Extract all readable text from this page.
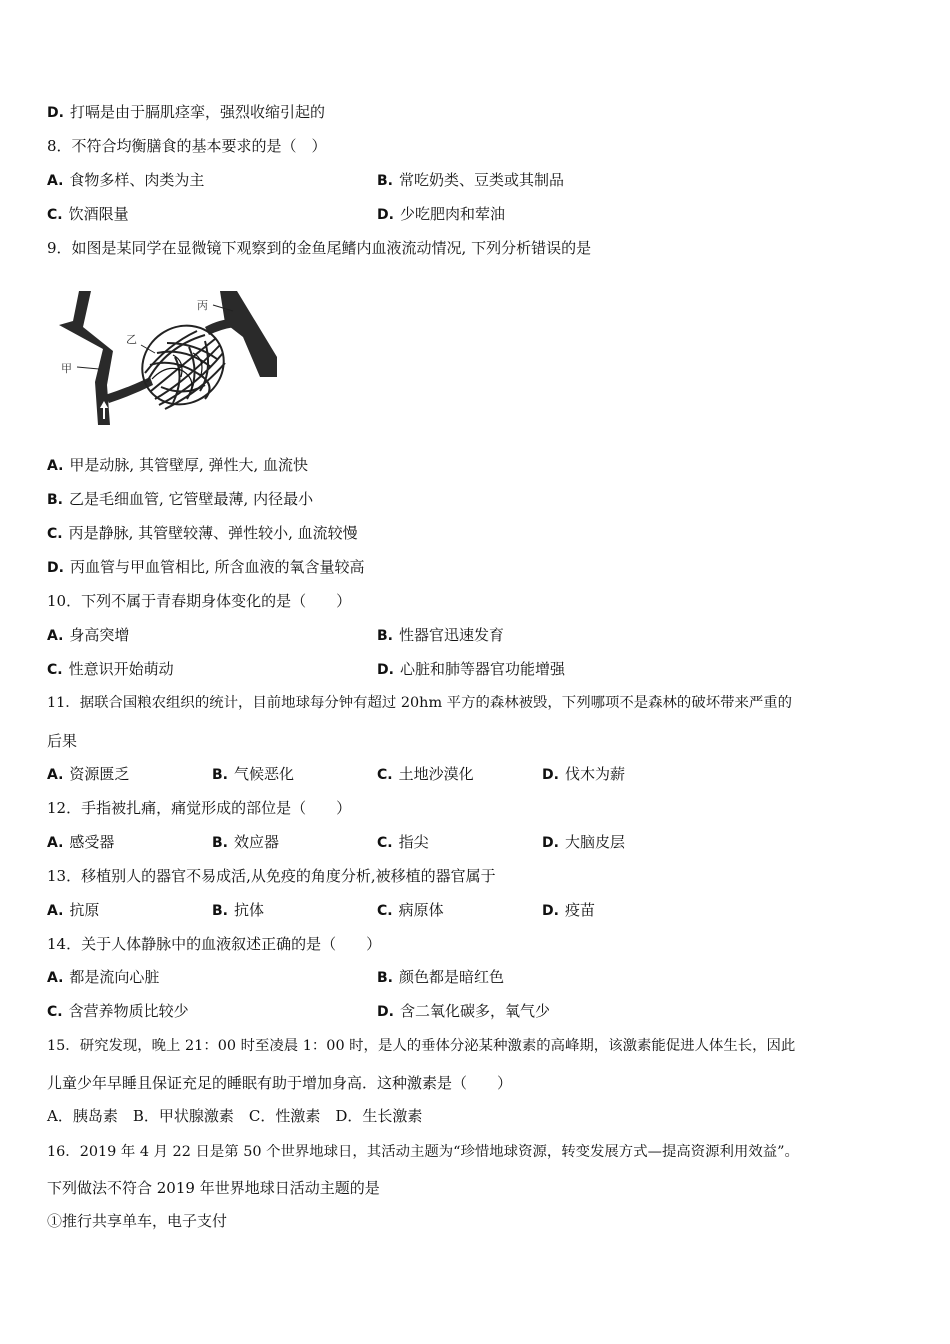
D. 打嗝是由于膈肌痉挛，强烈收缩引起的
8．不符合均衡膳食的基本要求的是（　）
A. 食物多样、肉类为主	B. 常吃奶类、豆类或其制品
C. 饮酒限量	D. 少吃肥肉和荤油
9．如图是某同学在显微镜下观察到的金鱼尾鳍内血液流动情况, 下列分析错误的是
甲
乙
丙
A. 甲是动脉, 其管壁厚, 弹性大, 血流快
B. 乙是毛细血管, 它管壁最薄, 内径最小
C. 丙是静脉, 其管壁较薄、弹性较小, 血流较慢
D. 丙血管与甲血管相比, 所含血液的氧含量较高
10．下列不属于青春期身体变化的是（　　）
A. 身高突增	B. 性器官迅速发育
C. 性意识开始萌动	D. 心脏和肺等器官功能增强
11．据联合国粮农组织的统计，目前地球每分钟有超过 20hm 平方的森林被毁，下列哪项不是森林的破坏带来严重的
后果
A. 资源匮乏	B. 气候恶化	C. 土地沙漠化	D. 伐木为薪
12．手指被扎痛，痛觉形成的部位是（　　）
A. 感受器	B. 效应器	C. 指尖	D. 大脑皮层
13．移植别人的器官不易成活,从免疫的角度分析,被移植的器官属于
A. 抗原	B. 抗体	C. 病原体	D. 疫苗
14．关于人体静脉中的血液叙述正确的是（　　）
A. 都是流向心脏	B. 颜色都是暗红色
C. 含营养物质比较少	D. 含二氧化碳多，氧气少
15．研究发现，晚上 21：00 时至凌晨 1：00 时，是人的垂体分泌某种激素的高峰期，该激素能促进人体生长，因此
儿童少年早睡且保证充足的睡眠有助于增加身高．这种激素是（　　）
A．胰岛素　B．甲状腺激素　C．性激素　D．生长激素
16．2019 年 4 月 22 日是第 50 个世界地球日，其活动主题为“珍惜地球资源，转变发展方式—提高资源利用效益”。
下列做法不符合 2019 年世界地球日活动主题的是
①推行共享单车，电子支付
